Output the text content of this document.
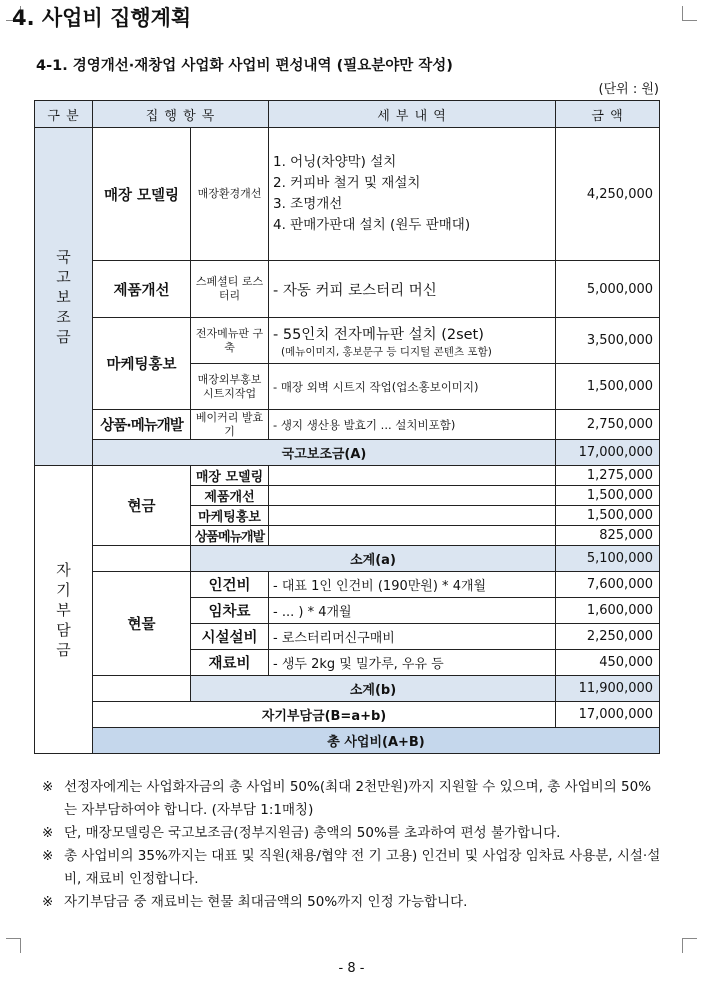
4. 사업비 집행계획
4-1. 경영개선·재창업 사업화 사업비 편성내역 (필요분야만 작성)
(단위 : 원)
구 분	집 행 항 목		세 부 내 역	금 액	
국고보조금	매장 모델링	매장환경개선	1. 어닝(차양막) 설치
2. 커피바 철거 및 재설치
3. 조명개선
4. 판매가판대 설치 (원두 판매대)	4,250,000	
	제품개선	스페셜티 로스터리	- 자동 커피 로스터리 머신	5,000,000	
	마케팅홍보	전자메뉴판 구축	- 55인치 전자메뉴판 설치 (2set)
(메뉴이미지, 홍보문구 등 디지털 콘텐츠 포함)	3,500,000	
		매장외부홍보 시트지작업	- 매장 외벽 시트지 작업(업소홍보이미지)	1,500,000	
	상품·메뉴개발	베이커리 발효기	- 생지 생산용 발효기 ... 설치비포함)	2,750,000	
	국고보조금(A)			17,000,000	
자기부담금	현금	매장 모델링		1,275,000	
		제품개선		1,500,000	
		마케팅홍보		1,500,000	
		상품메뉴개발		825,000	
		소계(a)		5,100,000	
	현물	인건비	- 대표 1인 인건비 (190만원) * 4개월	7,600,000	
		임차료	- ... ) * 4개월	1,600,000	
		시설설비	- 로스터리머신구매비	2,250,000	
		재료비	- 생두 2kg 및 밀가루, 우유 등	450,000	
		소계(b)		11,900,000	
	자기부담금(B=a+b)			17,000,000	
	총 사업비(A+B)	
※ 선정자에게는 사업화자금의 총 사업비 50%(최대 2천만원)까지 지원할 수 있으며, 총 사업비의 50%는 자부담하여야 합니다. (자부담 1:1매칭)
※ 단, 매장모델링은 국고보조금(정부지원금) 총액의 50%를 초과하여 편성 불가합니다.
※ 총 사업비의 35%까지는 대표 및 직원(채용/협약 전 기 고용) 인건비 및 사업장 임차료 사용분, 시설·설비, 재료비 인정합니다.
※ 자기부담금 중 재료비는 현물 최대금액의 50%까지 인정 가능합니다.
- 8 -
